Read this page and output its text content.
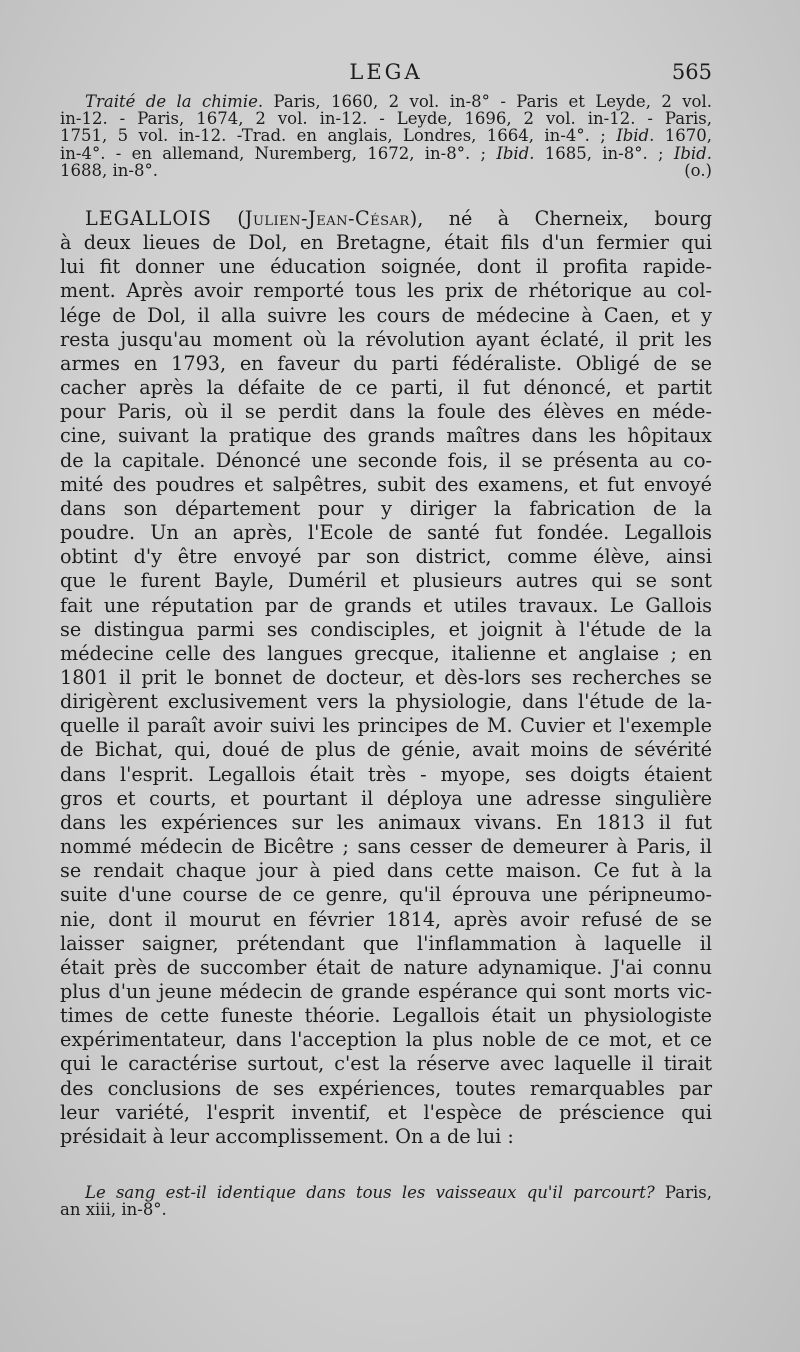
LEGA	565
Traité de la chimie. Paris, 1660, 2 vol. in-8° - Paris et Leyde, 2 vol.
in-12. - Paris, 1674, 2 vol. in-12. - Leyde, 1696, 2 vol. in-12. - Paris,
1751, 5 vol. in-12. -Trad. en anglais, Londres, 1664, in-4°. ; Ibid. 1670,
in-4°. - en allemand, Nuremberg, 1672, in-8°. ; Ibid. 1685, in-8°. ; Ibid.
1688, in-8°.	(o.)
LEGALLOIS (Julien-Jean-César), né à Cherneix, bourg
à deux lieues de Dol, en Bretagne, était fils d'un fermier qui
lui fit donner une éducation soignée, dont il profita rapide-
ment. Après avoir remporté tous les prix de rhétorique au col-
lége de Dol, il alla suivre les cours de médecine à Caen, et y
resta jusqu'au moment où la révolution ayant éclaté, il prit les
armes en 1793, en faveur du parti fédéraliste. Obligé de se
cacher après la défaite de ce parti, il fut dénoncé, et partit
pour Paris, où il se perdit dans la foule des élèves en méde-
cine, suivant la pratique des grands maîtres dans les hôpitaux
de la capitale. Dénoncé une seconde fois, il se présenta au co-
mité des poudres et salpêtres, subit des examens, et fut envoyé
dans son département pour y diriger la fabrication de la
poudre. Un an après, l'Ecole de santé fut fondée. Legallois
obtint d'y être envoyé par son district, comme élève, ainsi
que le furent Bayle, Duméril et plusieurs autres qui se sont
fait une réputation par de grands et utiles travaux. Le Gallois
se distingua parmi ses condisciples, et joignit à l'étude de la
médecine celle des langues grecque, italienne et anglaise ; en
1801 il prit le bonnet de docteur, et dès-lors ses recherches se
dirigèrent exclusivement vers la physiologie, dans l'étude de la-
quelle il paraît avoir suivi les principes de M. Cuvier et l'exemple
de Bichat, qui, doué de plus de génie, avait moins de sévérité
dans l'esprit. Legallois était très - myope, ses doigts étaient
gros et courts, et pourtant il déploya une adresse singulière
dans les expériences sur les animaux vivans. En 1813 il fut
nommé médecin de Bicêtre ; sans cesser de demeurer à Paris, il
se rendait chaque jour à pied dans cette maison. Ce fut à la
suite d'une course de ce genre, qu'il éprouva une péripneumo-
nie, dont il mourut en février 1814, après avoir refusé de se
laisser saigner, prétendant que l'inflammation à laquelle il
était près de succomber était de nature adynamique. J'ai connu
plus d'un jeune médecin de grande espérance qui sont morts vic-
times de cette funeste théorie. Legallois était un physiologiste
expérimentateur, dans l'acception la plus noble de ce mot, et ce
qui le caractérise surtout, c'est la réserve avec laquelle il tirait
des conclusions de ses expériences, toutes remarquables par
leur variété, l'esprit inventif, et l'espèce de préscience qui
présidait à leur accomplissement. On a de lui :
Le sang est-il identique dans tous les vaisseaux qu'il parcourt? Paris,
an xiii, in-8°.
